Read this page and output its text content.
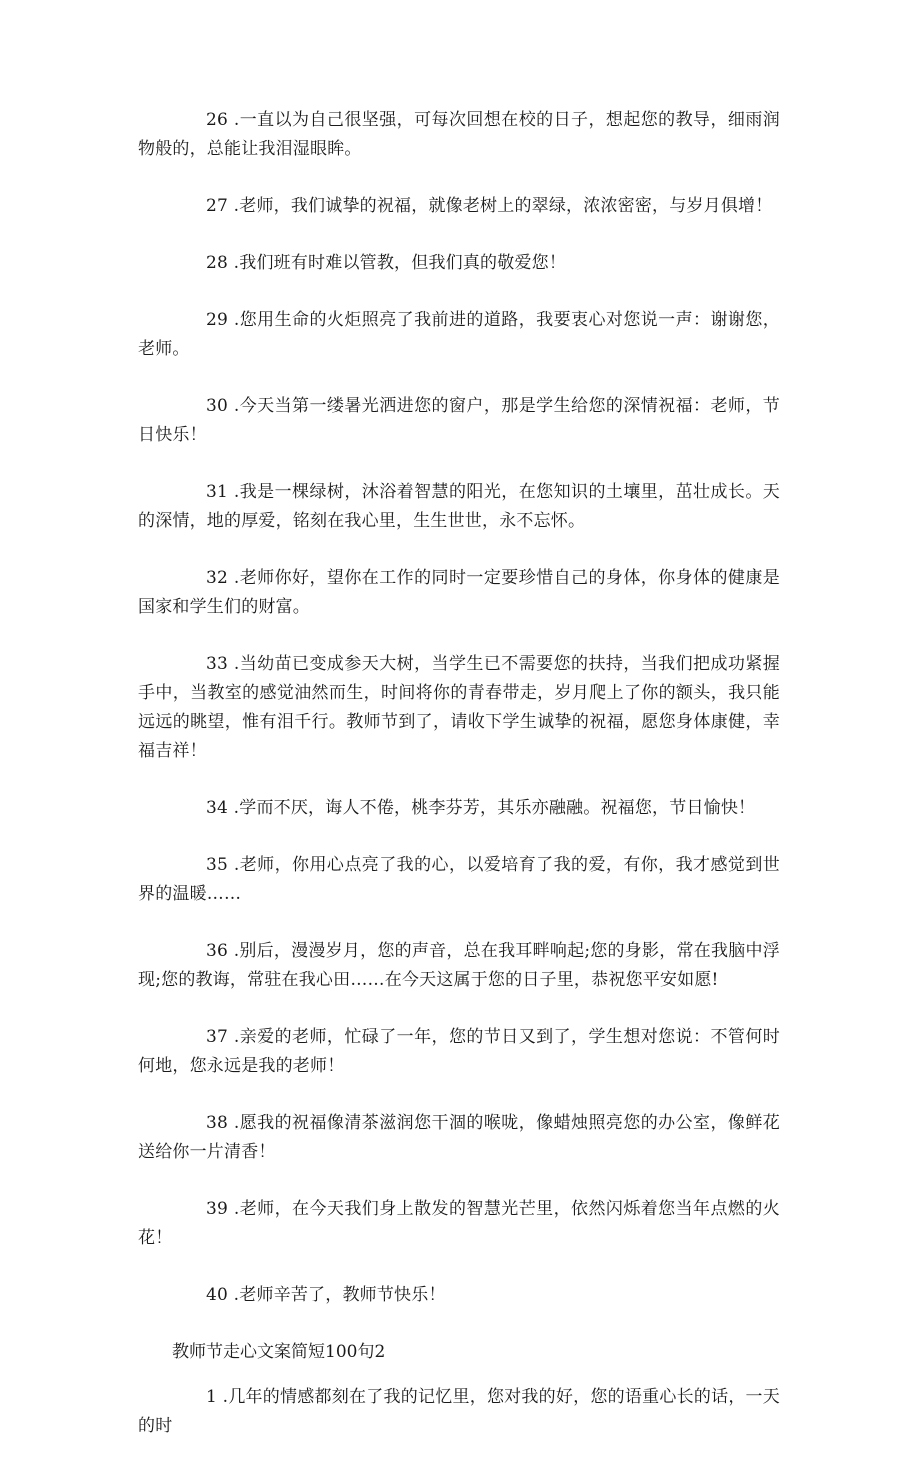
26 .一直以为自己很坚强，可每次回想在校的日子，想起您的教导，细雨润物般的，总能让我泪湿眼眸。

27 .老师，我们诚挚的祝福，就像老树上的翠绿，浓浓密密，与岁月俱增！

28 .我们班有时难以管教，但我们真的敬爱您！

29 .您用生命的火炬照亮了我前进的道路，我要衷心对您说一声：谢谢您，老师。

30 .今天当第一缕暑光洒进您的窗户，那是学生给您的深情祝福：老师，节日快乐！

31 .我是一棵绿树，沐浴着智慧的阳光，在您知识的土壤里，茁壮成长。天的深情，地的厚爱，铭刻在我心里，生生世世，永不忘怀。

32 .老师你好，望你在工作的同时一定要珍惜自己的身体，你身体的健康是国家和学生们的财富。

33 .当幼苗已变成参天大树，当学生已不需要您的扶持，当我们把成功紧握手中，当教室的感觉油然而生，时间将你的青春带走，岁月爬上了你的额头，我只能远远的眺望，惟有泪千行。教师节到了，请收下学生诚挚的祝福，愿您身体康健，幸福吉祥！

34 .学而不厌，诲人不倦，桃李芬芳，其乐亦融融。祝福您，节日愉快！

35 .老师，你用心点亮了我的心，以爱培育了我的爱，有你，我才感觉到世界的温暖……

36 .别后，漫漫岁月，您的声音，总在我耳畔响起;您的身影，常在我脑中浮现;您的教诲，常驻在我心田……在今天这属于您的日子里，恭祝您平安如愿!

37 .亲爱的老师，忙碌了一年，您的节日又到了，学生想对您说：不管何时何地，您永远是我的老师！

38 .愿我的祝福像清茶滋润您干涸的喉咙，像蜡烛照亮您的办公室，像鲜花送给你一片清香！

39 .老师，在今天我们身上散发的智慧光芒里，依然闪烁着您当年点燃的火花！

40 .老师辛苦了，教师节快乐！

教师节走心文案简短100句2

1 .几年的情感都刻在了我的记忆里，您对我的好，您的语重心长的话，一天的时
